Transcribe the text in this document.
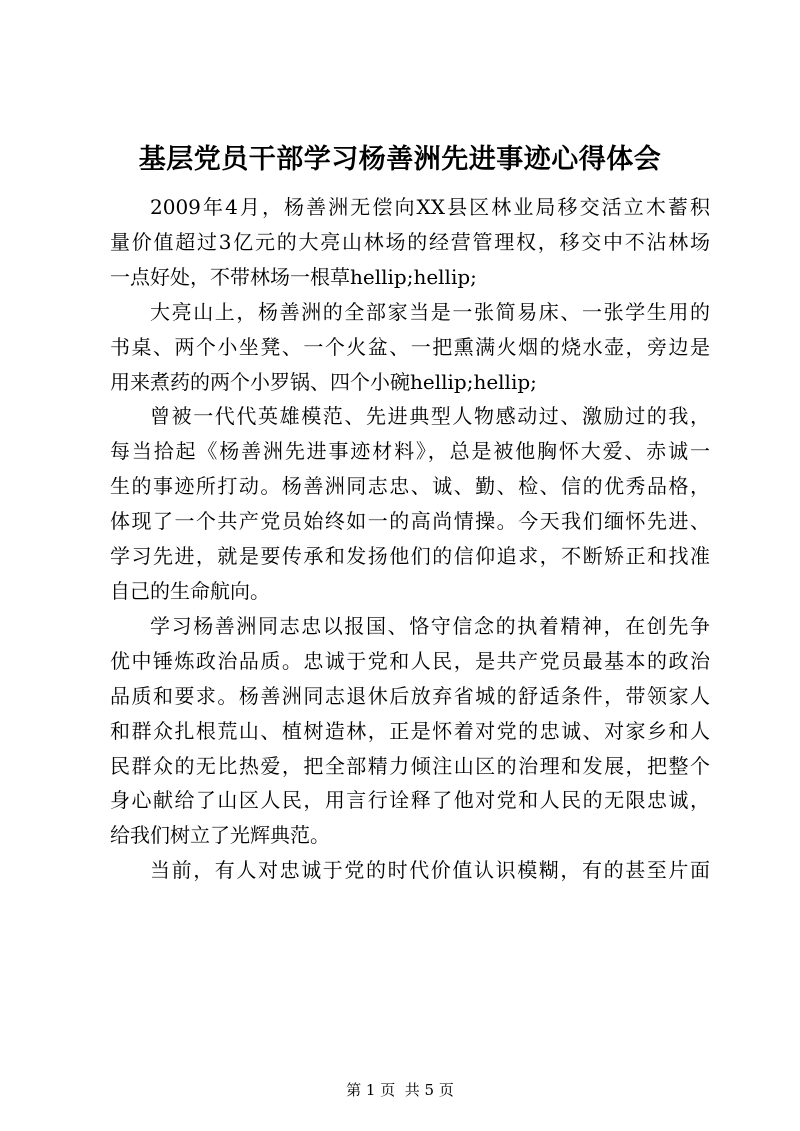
基层党员干部学习杨善洲先进事迹心得体会
2009年4月，杨善洲无偿向XX县区林业局移交活立木蓄积
量价值超过3亿元的大亮山林场的经营管理权，移交中不沾林场
一点好处，不带林场一根草hellip;hellip;
大亮山上，杨善洲的全部家当是一张简易床、一张学生用的
书桌、两个小坐凳、一个火盆、一把熏满火烟的烧水壶，旁边是
用来煮药的两个小罗锅、四个小碗hellip;hellip;
曾被一代代英雄模范、先进典型人物感动过、激励过的我，
每当拾起《杨善洲先进事迹材料》，总是被他胸怀大爱、赤诚一
生的事迹所打动。杨善洲同志忠、诚、勤、检、信的优秀品格，
体现了一个共产党员始终如一的高尚情操。今天我们缅怀先进、
学习先进，就是要传承和发扬他们的信仰追求，不断矫正和找准
自己的生命航向。
学习杨善洲同志忠以报国、恪守信念的执着精神，在创先争
优中锤炼政治品质。忠诚于党和人民，是共产党员最基本的政治
品质和要求。杨善洲同志退休后放弃省城的舒适条件，带领家人
和群众扎根荒山、植树造林，正是怀着对党的忠诚、对家乡和人
民群众的无比热爱，把全部精力倾注山区的治理和发展，把整个
身心献给了山区人民，用言行诠释了他对党和人民的无限忠诚，
给我们树立了光辉典范。
当前，有人对忠诚于党的时代价值认识模糊，有的甚至片面
第 1 页  共 5 页
